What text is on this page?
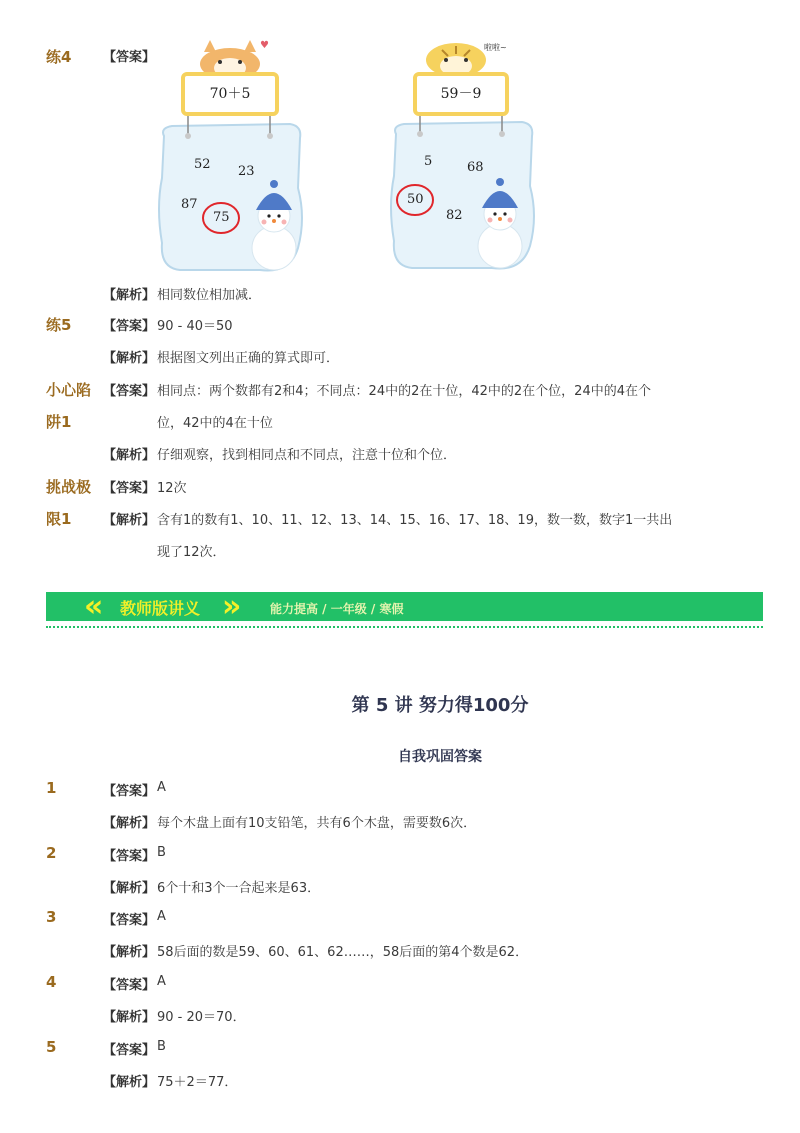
练4 【答案】
♥
70＋5
52 23
87
75
啦啦~
59－9
5	68
50
82
【解析】 相同数位相加减．
练5 【答案】 90 - 40＝50
【解析】 根据图文列出正确的算式即可．
小心陷
阱1
【答案】 相同点：两个数都有2和4；不同点：24中的2在十位，42中的2在个位，24中的4在个
位，42中的4在十位
【解析】 仔细观察，找到相同点和不同点，注意十位和个位．
挑战极
限1
【答案】 12次
【解析】 含有1的数有1、10、11、12、13、14、15、16、17、18、19，数一数，数字1一共出
现了12次．
« 教师版讲义 » 能力提高 / 一年级 / 寒假
第 5 讲 努力得100分
自我巩固答案
1	【答案】 A
【解析】 每个木盘上面有10支铅笔，共有6个木盘，需要数6次．
2	【答案】 B
【解析】 6个十和3个一合起来是63．
3	【答案】 A
【解析】 58后面的数是59、60、61、62……，58后面的第4个数是62．
4	【答案】 A
【解析】 90 - 20＝70．
5	【答案】 B
【解析】 75＋2＝77．
